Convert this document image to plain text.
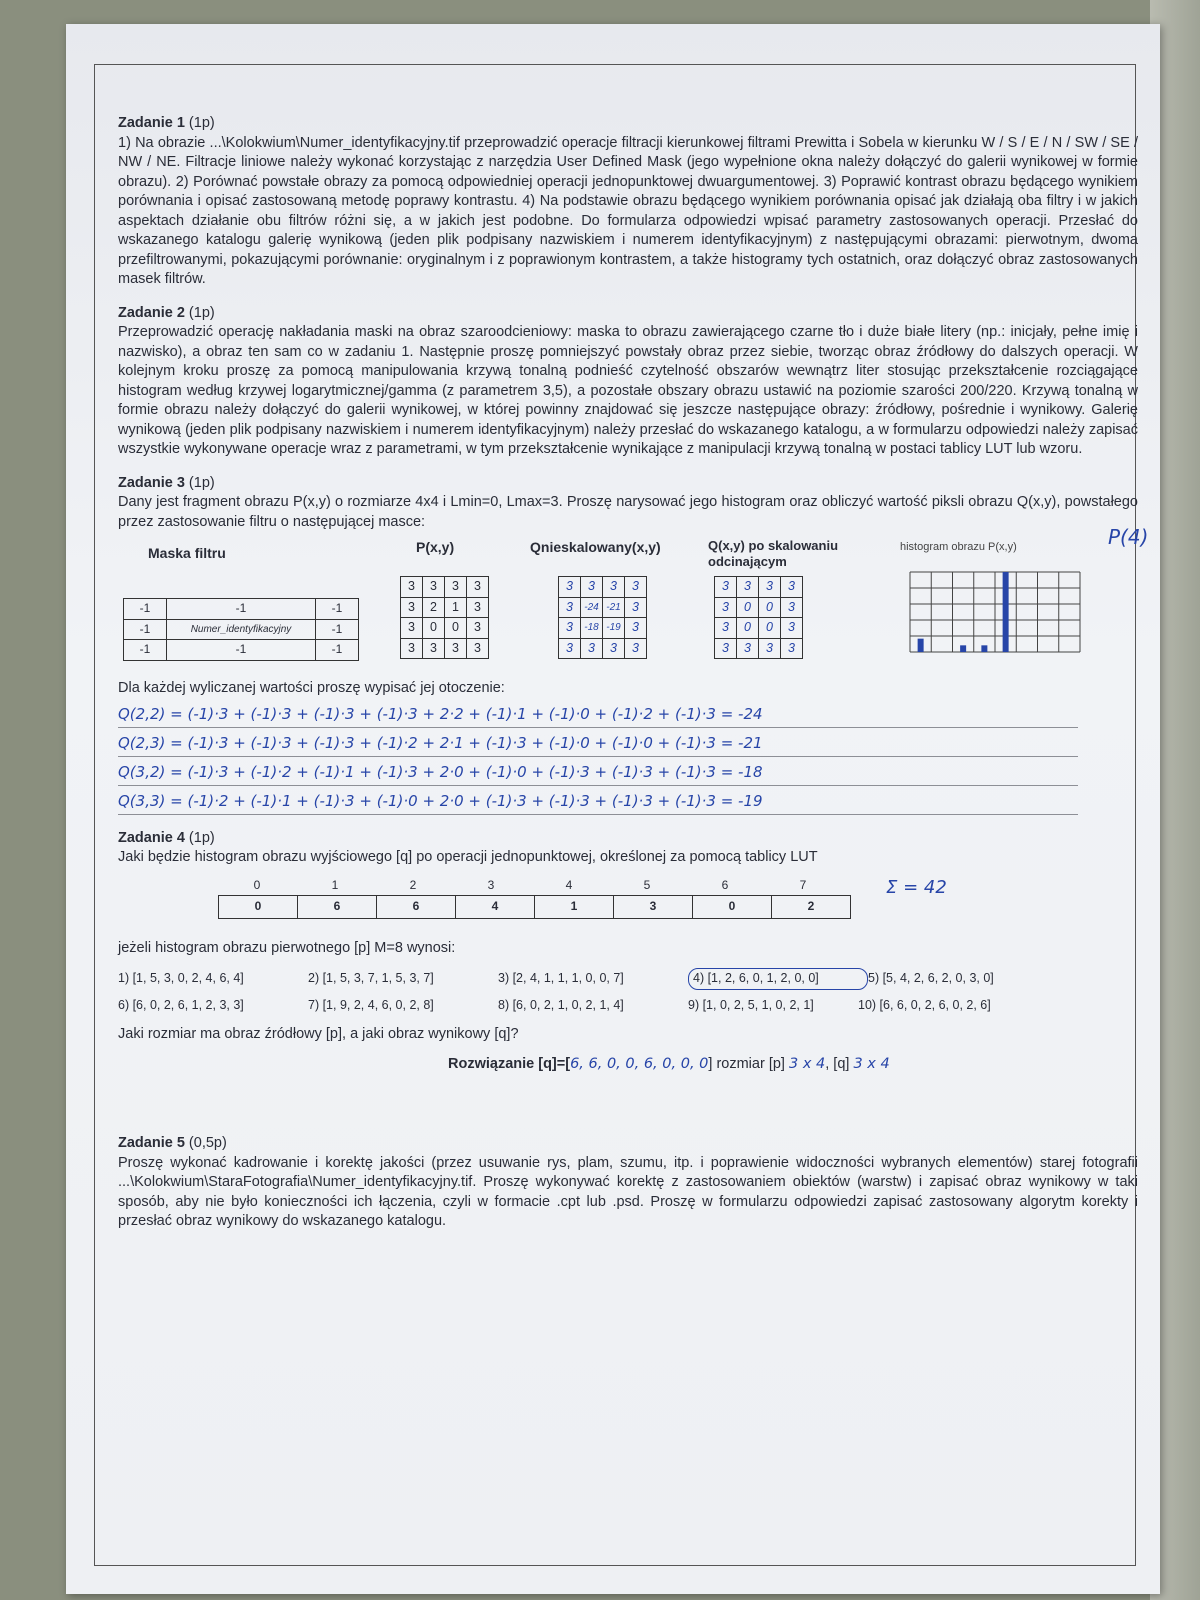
Zadanie 1 (1p)
1) Na obrazie ...\Kolokwium\Numer_identyfikacyjny.tif przeprowadzić operacje filtracji kierunkowej filtrami Prewitta i Sobela w kierunku W / S / E / N / SW / SE / NW / NE. Filtracje liniowe należy wykonać korzystając z narzędzia User Defined Mask (jego wypełnione okna należy dołączyć do galerii wynikowej w formie obrazu). 2) Porównać powstałe obrazy za pomocą odpowiedniej operacji jednopunktowej dwuargumentowej. 3) Poprawić kontrast obrazu będącego wynikiem porównania i opisać zastosowaną metodę poprawy kontrastu. 4) Na podstawie obrazu będącego wynikiem porównania opisać jak działają oba filtry i w jakich aspektach działanie obu filtrów różni się, a w jakich jest podobne. Do formularza odpowiedzi wpisać parametry zastosowanych operacji. Przesłać do wskazanego katalogu galerię wynikową (jeden plik podpisany nazwiskiem i numerem identyfikacyjnym) z następującymi obrazami: pierwotnym, dwoma przefiltrowanymi, pokazującymi porównanie: oryginalnym i z poprawionym kontrastem, a także histogramy tych ostatnich, oraz dołączyć obraz zastosowanych masek filtrów.
Zadanie 2 (1p)
Przeprowadzić operację nakładania maski na obraz szaroodcieniowy: maska to obrazu zawierającego czarne tło i duże białe litery (np.: inicjały, pełne imię i nazwisko), a obraz ten sam co w zadaniu 1. Następnie proszę pomniejszyć powstały obraz przez siebie, tworząc obraz źródłowy do dalszych operacji. W kolejnym kroku proszę za pomocą manipulowania krzywą tonalną podnieść czytelność obszarów wewnątrz liter stosując przekształcenie rozciągające histogram według krzywej logarytmicznej/gamma (z parametrem 3,5), a pozostałe obszary obrazu ustawić na poziomie szarości 200/220. Krzywą tonalną w formie obrazu należy dołączyć do galerii wynikowej, w której powinny znajdować się jeszcze następujące obrazy: źródłowy, pośrednie i wynikowy. Galerię wynikową (jeden plik podpisany nazwiskiem i numerem identyfikacyjnym) należy przesłać do wskazanego katalogu, a w formularzu odpowiedzi należy zapisać wszystkie wykonywane operacje wraz z parametrami, w tym przekształcenie wynikające z manipulacji krzywą tonalną w postaci tablicy LUT lub wzoru.
Zadanie 3 (1p)
Dany jest fragment obrazu P(x,y) o rozmiarze 4x4 i Lmin=0, Lmax=3. Proszę narysować jego histogram oraz obliczyć wartość piksli obrazu Q(x,y), powstałego przez zastosowanie filtru o następującej masce:
Maska filtru
-1	-1	-1
-1	Numer_identyfikacyjny	-1
-1	-1	-1
P(x,y)
3	3	3	3
3	2	1	3
3	0	0	3
3	3	3	3
Qnieskalowany(x,y)
3	3	3	3
3	-24	-21	3
3	-18	-19	3
3	3	3	3
Q(x,y) po skalowaniu odcinającym
3	3	3	3
3	0	0	3
3	0	0	3
3	3	3	3
histogram obrazu P(x,y)	P(4)
Dla każdej wyliczanej wartości proszę wypisać jej otoczenie:
Q(2,2) = (-1)·3 + (-1)·3 + (-1)·3 + (-1)·3 + 2·2 + (-1)·1 + (-1)·0 + (-1)·2 + (-1)·3 = -24
Q(2,3) = (-1)·3 + (-1)·3 + (-1)·3 + (-1)·2 + 2·1 + (-1)·3 + (-1)·0 + (-1)·0 + (-1)·3 = -21
Q(3,2) = (-1)·3 + (-1)·2 + (-1)·1 + (-1)·3 + 2·0 + (-1)·0 + (-1)·3 + (-1)·3 + (-1)·3 = -18
Q(3,3) = (-1)·2 + (-1)·1 + (-1)·3 + (-1)·0 + 2·0 + (-1)·3 + (-1)·3 + (-1)·3 + (-1)·3 = -19
Zadanie 4 (1p)
Jaki będzie histogram obrazu wyjściowego [q] po operacji jednopunktowej, określonej za pomocą tablicy LUT
0	1	2	3	4	5	6	7
0	6	6	4	1	3	0	2
Σ = 42
jeżeli histogram obrazu pierwotnego [p] M=8 wynosi:
1) [1, 5, 3, 0, 2, 4, 6, 4]	2) [1, 5, 3, 7, 1, 5, 3, 7]	3) [2, 4, 1, 1, 1, 0, 0, 7]	4) [1, 2, 6, 0, 1, 2, 0, 0]	5) [5, 4, 2, 6, 2, 0, 3, 0]
6) [6, 0, 2, 6, 1, 2, 3, 3]	7) [1, 9, 2, 4, 6, 0, 2, 8]	8) [6, 0, 2, 1, 0, 2, 1, 4]	9) [1, 0, 2, 5, 1, 0, 2, 1]	10) [6, 6, 0, 2, 6, 0, 2, 6]
Jaki rozmiar ma obraz źródłowy [p], a jaki obraz wynikowy [q]?
Rozwiązanie [q]=[6, 6, 0, 0, 6, 0, 0, 0] rozmiar [p] 3 x 4, [q] 3 x 4
Zadanie 5 (0,5p)
Proszę wykonać kadrowanie i korektę jakości (przez usuwanie rys, plam, szumu, itp. i poprawienie widoczności wybranych elementów) starej fotografii ...\Kolokwium\StaraFotografia\Numer_identyfikacyjny.tif. Proszę wykonywać korektę z zastosowaniem obiektów (warstw) i zapisać obraz wynikowy w taki sposób, aby nie było konieczności ich łączenia, czyli w formacie .cpt lub .psd. Proszę w formularzu odpowiedzi zapisać zastosowany algorytm korekty i przesłać obraz wynikowy do wskazanego katalogu.
